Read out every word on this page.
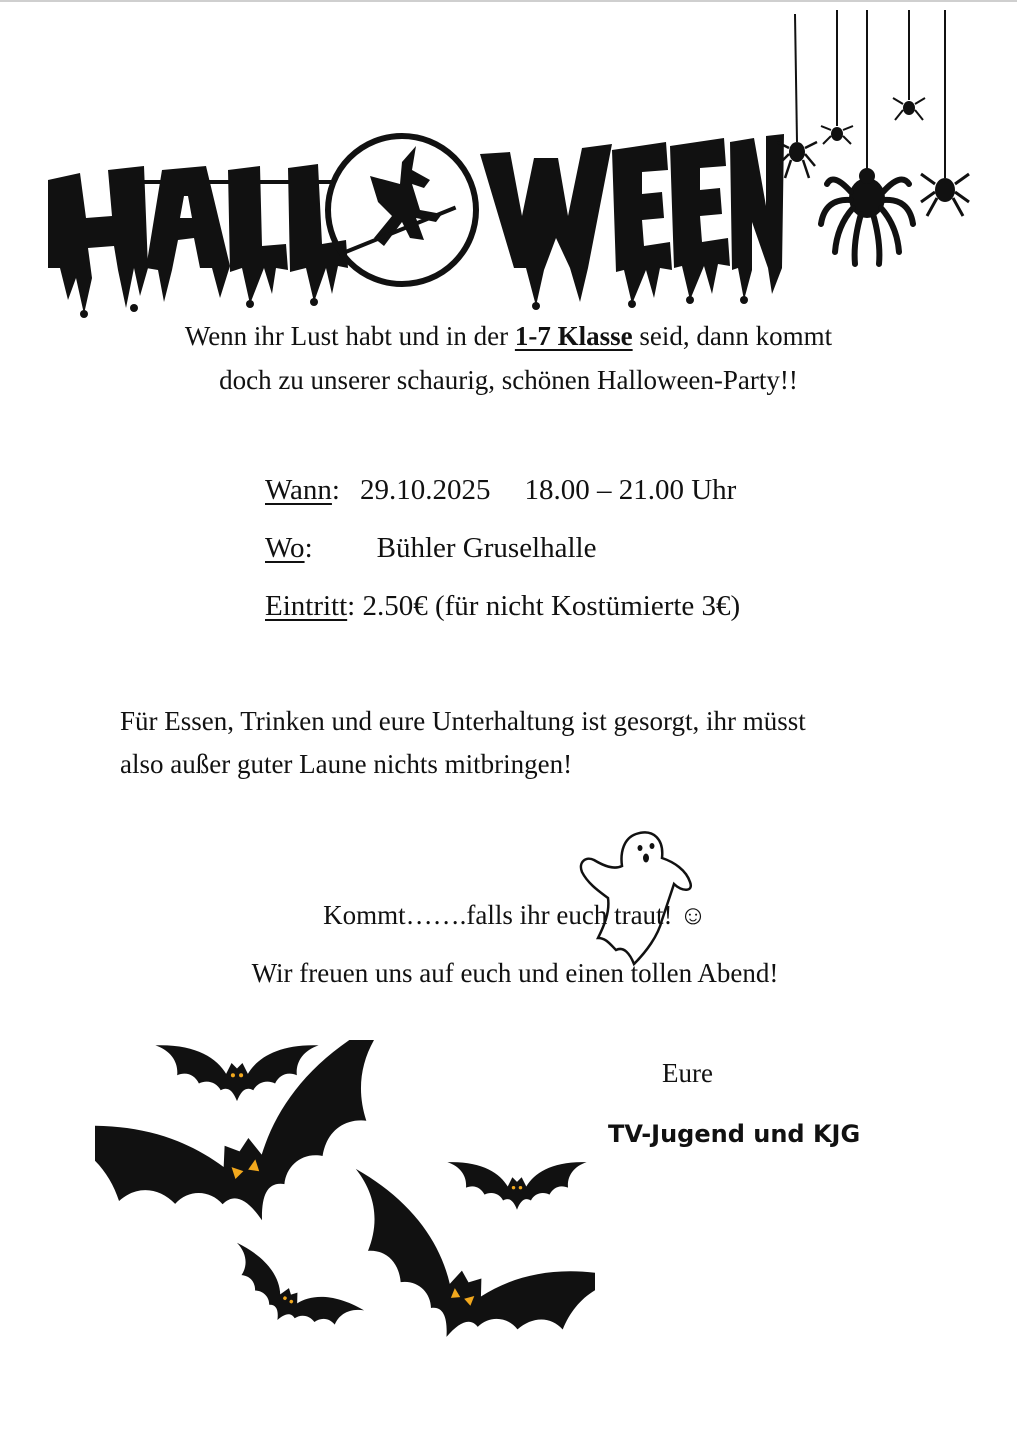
Wenn ihr Lust habt und in der 1-7 Klasse seid, dann kommt
doch zu unserer schaurig, schönen Halloween-Party!!
Wann: 29.10.2025 18.00 – 21.00 Uhr
Wo: Bühler Gruselhalle
Eintritt: 2.50€ (für nicht Kostümierte 3€)
Für Essen, Trinken und eure Unterhaltung ist gesorgt, ihr müsst
also außer guter Laune nichts mitbringen!
Kommt…….falls ihr euch traut! ☺
Wir freuen uns auf euch und einen tollen Abend!
Eure
TV-Jugend und KJG
